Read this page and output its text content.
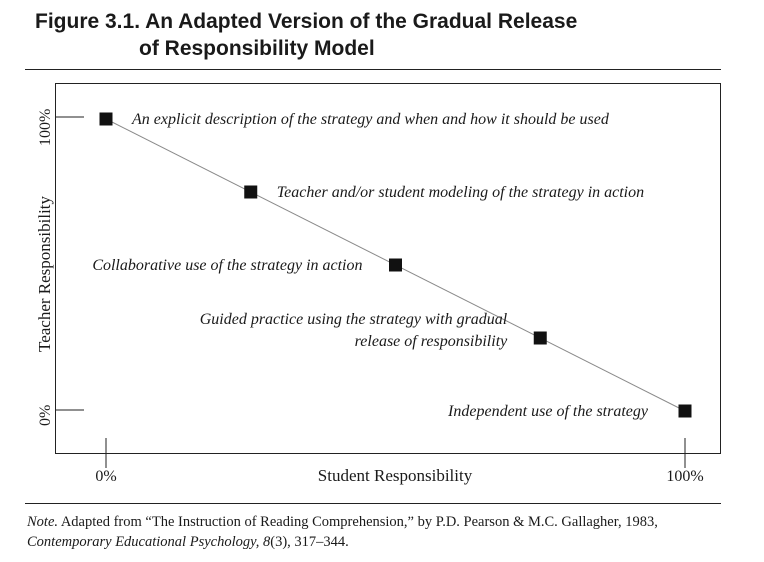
Figure 3.1. An Adapted Version of the Gradual Release
of Responsibility Model
100%
0%
Teacher Responsibility
0%	Student Responsibility	100%
An explicit description of the strategy and when and how it should be used
Teacher and/or student modeling of the strategy in action
Collaborative use of the strategy in action
Guided practice using the strategy with gradual
release of responsibility
Independent use of the strategy

Note. Adapted from “The Instruction of Reading Comprehension,” by P.D. Pearson & M.C. Gallagher, 1983,
Contemporary Educational Psychology, 8(3), 317–344.
